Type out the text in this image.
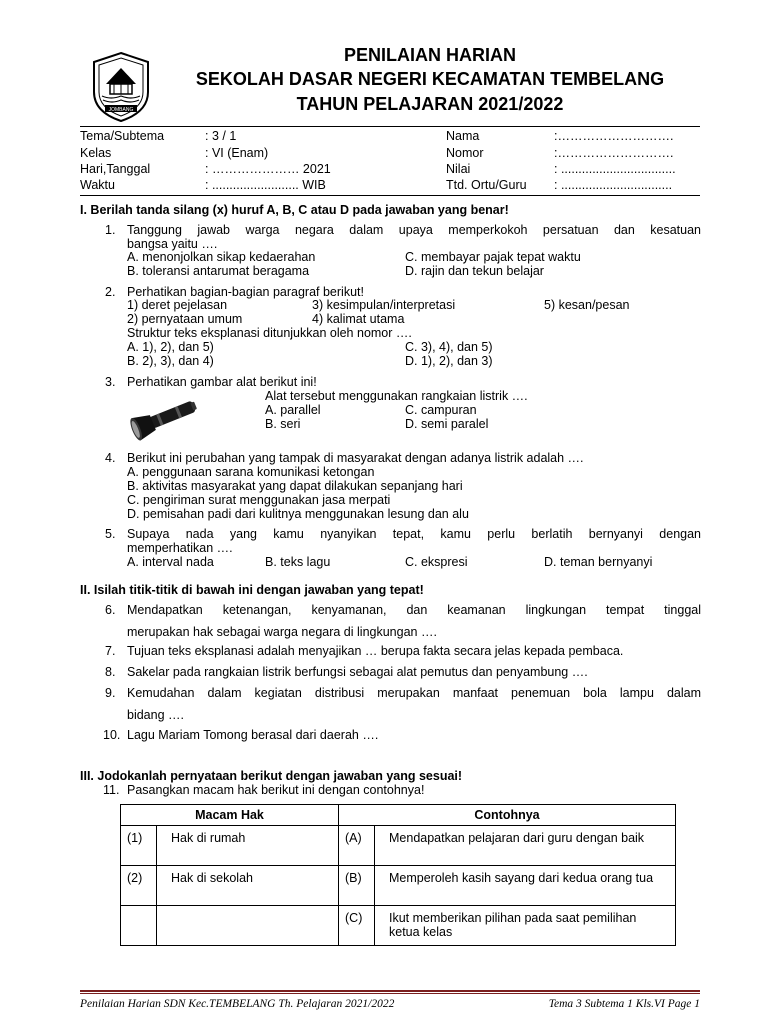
JOMBANG
PENILAIAN HARIAN
SEKOLAH DASAR NEGERI KECAMATAN TEMBELANG
TAHUN PELAJARAN 2021/2022
Tema/Subtema	: 3 / 1
Kelas	: VI (Enam)
Hari,Tanggal	: ………………… 2021
Waktu	: ......................... WIB
Nama	:……………………….
Nomor	:……………………….
Nilai	: .................................
Ttd. Ortu/Guru : ................................
I. Berilah tanda silang (x) huruf A, B, C atau D pada jawaban yang benar!
1. Tanggung jawab warga negara dalam upaya memperkokoh persatuan dan kesatuan
bangsa yaitu ….
A. menonjolkan sikap kedaerahan
B. toleransi antarumat beragama
C. membayar pajak tepat waktu
D. rajin dan tekun belajar
2. Perhatikan bagian-bagian paragraf berikut!
1) deret pejelasan	3) kesimpulan/interpretasi	5) kesan/pesan
2) pernyataan umum	4) kalimat utama
Struktur teks eksplanasi ditunjukkan oleh nomor ….
A. 1), 2), dan 5)
B. 2), 3), dan 4)
C. 3), 4), dan 5)
D. 1), 2), dan 3)
3. Perhatikan gambar alat berikut ini!
Alat tersebut menggunakan rangkaian listrik ….
A. parallel
B. seri
C. campuran
D. semi paralel
4. Berikut ini perubahan yang tampak di masyarakat dengan adanya listrik adalah ….
A. penggunaan sarana komunikasi ketongan
B. aktivitas masyarakat yang dapat dilakukan sepanjang hari
C. pengiriman surat menggunakan jasa merpati
D. pemisahan padi dari kulitnya menggunakan lesung dan alu
5. Supaya nada yang kamu nyanyikan tepat, kamu perlu berlatih bernyanyi dengan
memperhatikan ….
A. interval nada	B. teks lagu	C. ekspresi	D. teman bernyanyi
II. Isilah titik-titik di bawah ini dengan jawaban yang tepat!
6. Mendapatkan ketenangan, kenyamanan, dan keamanan lingkungan tempat tinggal
merupakan hak sebagai warga negara di lingkungan ….
7. Tujuan teks eksplanasi adalah menyajikan … berupa fakta secara jelas kepada pembaca.
8. Sakelar pada rangkaian listrik berfungsi sebagai alat pemutus dan penyambung ….
9. Kemudahan dalam kegiatan distribusi merupakan manfaat penemuan bola lampu dalam
bidang ….
10. Lagu Mariam Tomong berasal dari daerah ….
III. Jodokanlah pernyataan berikut dengan jawaban yang sesuai!
11. Pasangkan macam hak berikut ini dengan contohnya!
Macam Hak		Contohnya	
(1)	Hak di rumah	(A)	Mendapatkan pelajaran dari guru dengan baik
(2)	Hak di sekolah	(B)	Memperoleh kasih sayang dari kedua orang tua
		(C)	Ikut memberikan pilihan pada saat pemilihan ketua kelas
Penilaian Harian SDN Kec.TEMBELANG Th. Pelajaran 2021/2022	Tema 3 Subtema 1 Kls.VI Page 1
